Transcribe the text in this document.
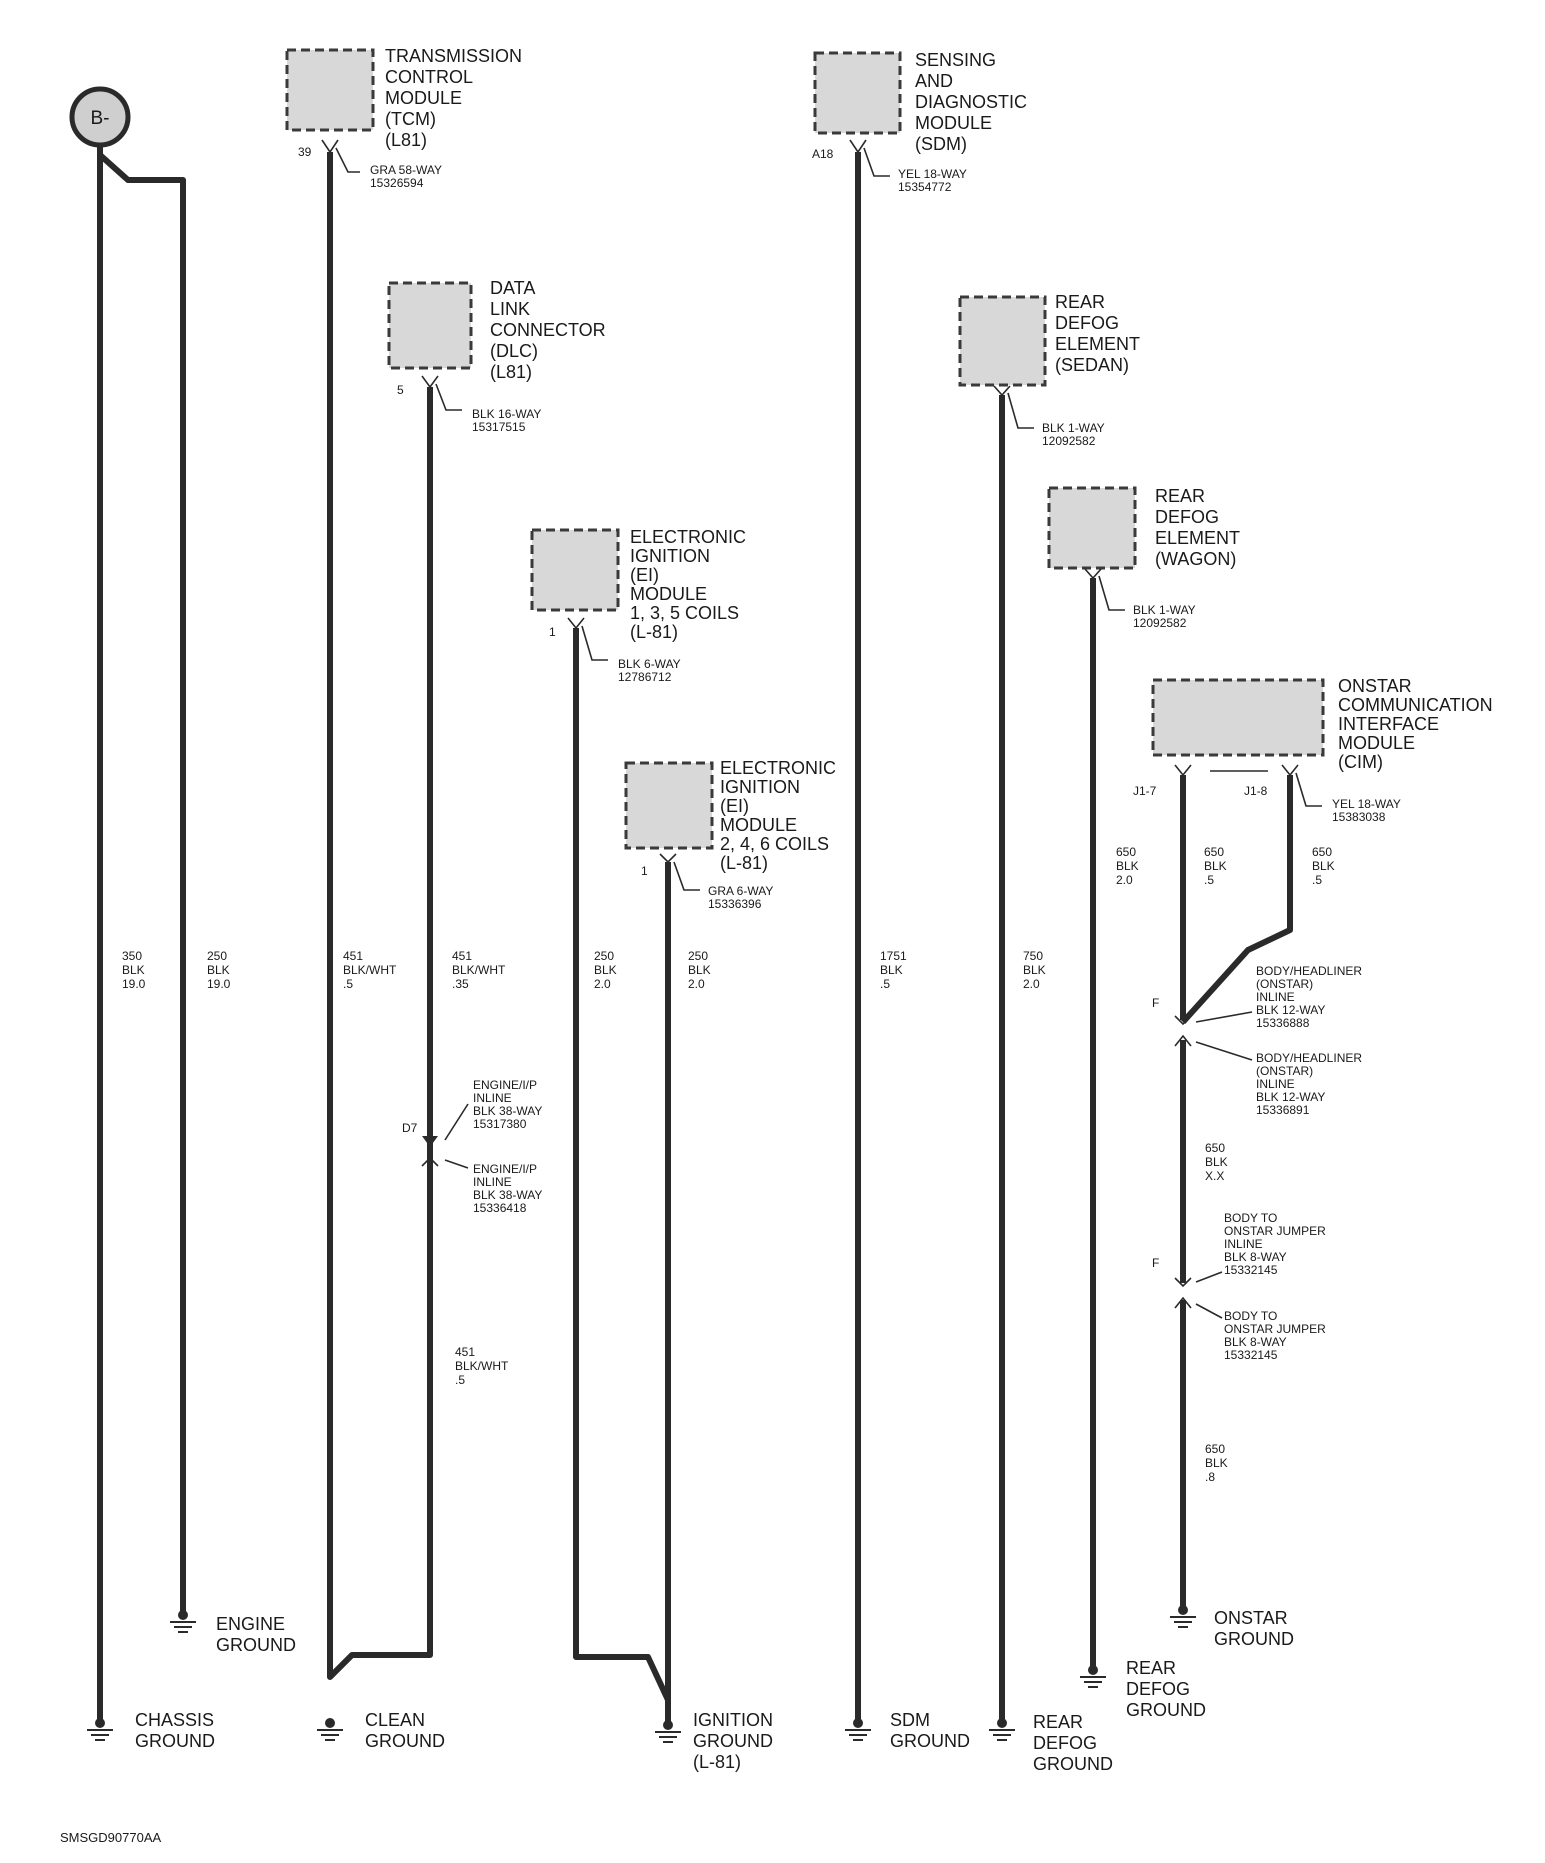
B-
TRANSMISSION CONTROL MODULE (TCM) (L81)
39
GRA 58-WAY 15326594
DATA LINK CONNECTOR (DLC) (L81)
5
BLK 16-WAY 15317515
ELECTRONIC IGNITION (EI) MODULE 1, 3, 5 COILS (L-81)
1
BLK 6-WAY 12786712
ELECTRONIC IGNITION (EI) MODULE 2, 4, 6 COILS (L-81)
1
GRA 6-WAY 15336396
SENSING AND DIAGNOSTIC MODULE (SDM)
A18
YEL 18-WAY 15354772
REAR DEFOG ELEMENT (SEDAN)
BLK 1-WAY 12092582
REAR DEFOG ELEMENT (WAGON)
BLK 1-WAY 12092582
ONSTAR COMMUNICATION INTERFACE MODULE (CIM)
J1-7	J1-8
YEL 18-WAY 15383038
D7
ENGINE/I/P INLINE BLK 38-WAY 15317380
ENGINE/I/P INLINE BLK 38-WAY 15336418
F
BODY/HEADLINER (ONSTAR) INLINE BLK 12-WAY 15336888
BODY/HEADLINER (ONSTAR) INLINE BLK 12-WAY 15336891
F
BODY TO ONSTAR JUMPER INLINE BLK 8-WAY 15332145
BODY TO ONSTAR JUMPER BLK 8-WAY 15332145
350 BLK 19.0
250 BLK 19.0
451 BLK/WHT .5
451 BLK/WHT .35
451 BLK/WHT .5
250 BLK 2.0
250 BLK 2.0
1751 BLK .5
750 BLK 2.0
650 BLK 2.0
650 BLK .5
650 BLK .5
650 BLK X.X
650 BLK .8
CHASSIS GROUND
ENGINE GROUND
CLEAN GROUND
IGNITION GROUND (L-81)
SDM GROUND
REAR DEFOG GROUND
REAR DEFOG GROUND
ONSTAR GROUND
SMSGD90770AA
